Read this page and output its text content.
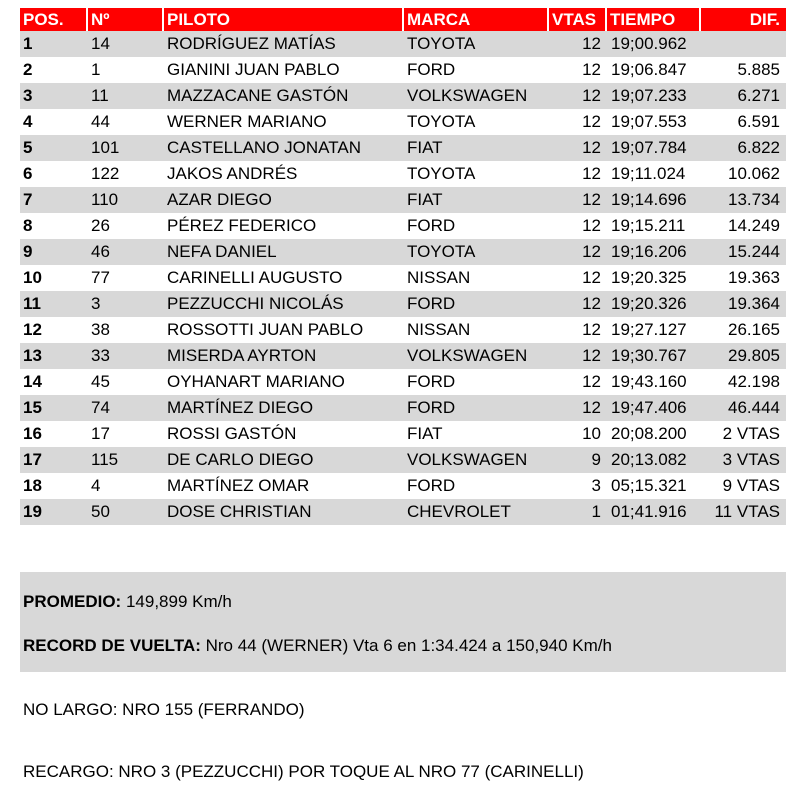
POS.	Nº	PILOTO	MARCA	VTAS	TIEMPO	DIF.
1	14	RODRÍGUEZ MATÍAS	TOYOTA	12	19;00.962	
2	1	GIANINI JUAN PABLO	FORD	12	19;06.847	5.885
3	11	MAZZACANE GASTÓN	VOLKSWAGEN	12	19;07.233	6.271
4	44	WERNER MARIANO	TOYOTA	12	19;07.553	6.591
5	101	CASTELLANO JONATAN	FIAT	12	19;07.784	6.822
6	122	JAKOS ANDRÉS	TOYOTA	12	19;11.024	10.062
7	110	AZAR DIEGO	FIAT	12	19;14.696	13.734
8	26	PÉREZ FEDERICO	FORD	12	19;15.211	14.249
9	46	NEFA DANIEL	TOYOTA	12	19;16.206	15.244
10	77	CARINELLI AUGUSTO	NISSAN	12	19;20.325	19.363
11	3	PEZZUCCHI NICOLÁS	FORD	12	19;20.326	19.364
12	38	ROSSOTTI JUAN PABLO	NISSAN	12	19;27.127	26.165
13	33	MISERDA AYRTON	VOLKSWAGEN	12	19;30.767	29.805
14	45	OYHANART MARIANO	FORD	12	19;43.160	42.198
15	74	MARTÍNEZ DIEGO	FORD	12	19;47.406	46.444
16	17	ROSSI GASTÓN	FIAT	10	20;08.200	2 VTAS
17	115	DE CARLO DIEGO	VOLKSWAGEN	9	20;13.082	3 VTAS
18	4	MARTÍNEZ OMAR	FORD	3	05;15.321	9 VTAS
19	50	DOSE CHRISTIAN	CHEVROLET	1	01;41.916	11 VTAS
PROMEDIO: 149,899 Km/h
RECORD DE VUELTA: Nro 44 (WERNER) Vta 6 en 1:34.424 a 150,940 Km/h
NO LARGO: NRO 155 (FERRANDO)
RECARGO: NRO 3 (PEZZUCCHI) POR TOQUE AL NRO 77 (CARINELLI)
